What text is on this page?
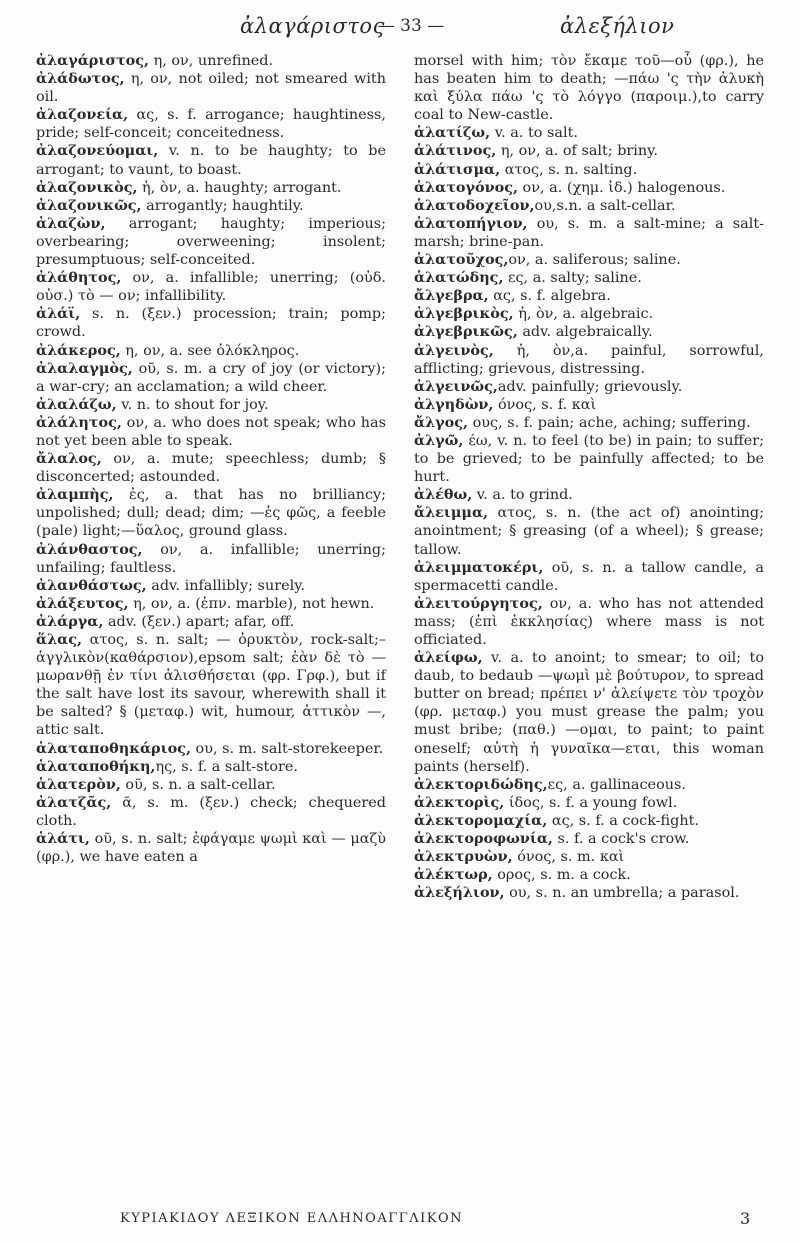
ἀλαγάριστος
— 33 —	ἀλεξήλιον

ἀλαγάριστος, η, ον, unrefined.

ἀλάδωτος, η, ον, not oiled; not smeared with oil.

ἀλαζονεία, ας, s. f. arrogance; haughtiness, pride; self-conceit; conceitedness.

ἀλαζονεύομαι, v. n. to be haughty; to be arrogant; to vaunt, to boast.

ἀλαζονικὸς, ἡ, ὸν, a. haughty; arrogant.

ἀλαζονικῶς, arrogantly; haughtily.

ἀλαζὼν, arrogant; haughty; imperious; overbearing; overweening; insolent; presumptuous; self-conceited.

ἀλάθητος, ον, a. infallible; unerring; (οὐδ. οὐσ.) τὸ — ον; infallibility.

ἀλάϊ, s. n. (ξεν.) procession; train; pomp; crowd.

ἀλάκερος, η, ον, a. see ὁλόκληρος.

ἀλαλαγμὸς, οῦ, s. m. a cry of joy (or victory); a war-cry; an acclamation; a wild cheer.

ἀλαλάζω, v. n. to shout for joy.

ἀλάλητος, ον, a. who does not speak; who has not yet been able to speak.

ἄλαλος, ον, a. mute; speechless; dumb; § disconcerted; astounded.

ἀλαμπὴς, ἐς, a. that has no brilliancy; unpolished; dull; dead; dim; —ἐς φῶς, a feeble (pale) light;—ὕαλος, ground glass.

ἀλάνθαστος, ον, a. infallible; unerring; unfailing; faultless.

ἀλανθάστως, adv. infallibly; surely.

ἀλάξευτος, η, ον, a. (ἐπν. marble), not hewn.

ἀλάργα, adv. (ξεν.) apart; afar, off.

ἅλας, ατος, s. n. salt; — ὀρυκτὸν, rock-salt;–ἀγγλικὸν(καθάρσιον),epsom salt; ἐὰν δὲ τὸ —μωρανθῇ ἐν τίνι ἁλισθήσεται (φρ. Γρφ.), but if the salt have lost its savour, wherewith shall it be salted? § (μεταφ.) wit, humour, ἀττικὸν —, attic salt.

ἁλαταποθηκάριος, ου, s. m. salt-storekeeper.

ἁλαταποθήκη,ης, s. f. a salt-store.

ἁλατερὸν, οῦ, s. n. a salt-cellar.

ἀλατζᾶς, ᾶ, s. m. (ξεν.) check; chequered cloth.

ἁλάτι, οῦ, s. n. salt; ἐφάγαμε ψωμὶ καὶ — μαζὺ (φρ.), we have eaten a

morsel with him; τὸν ἔκαμε τοῦ—οὖ (φρ.), he has beaten him to death; —πάω 'ς τὴν ἀλυκὴ καὶ ξύλα πάω 'ς τὸ λόγγο (παροιμ.),to carry coal to New-castle.

ἁλατίζω, v. a. to salt.

ἁλάτινος, η, ον, a. of salt; briny.

ἁλάτισμα, ατος, s. n. salting.

ἁλατογόνος, ον, a. (χημ. ἰδ.) halogenous.

ἁλατοδοχεῖον,ου,s.n. a salt-cellar.

ἁλατοπήγιον, ου, s. m. a salt-mine; a salt-marsh; brine-pan.

ἁλατοῦχος,ον, a. saliferous; saline.

ἁλατώδης, ες, a. salty; saline.

ἄλγεβρα, ας, s. f. algebra.

ἀλγεβρικὸς, ἡ, ὸν, a. algebraic.

ἀλγεβρικῶς, adv. algebraically.

ἀλγεινὸς, ἡ, ὸν,a. painful, sorrowful, afflicting; grievous, distressing.

ἀλγεινῶς,adv. painfully; grievously.

ἀλγηδὼν, όνος, s. f. καὶ

ἄλγος, ους, s. f. pain; ache, aching; suffering.

ἀλγῶ, έω, v. n. to feel (to be) in pain; to suffer; to be grieved; to be painfully affected; to be hurt.

ἀλέθω, v. a. to grind.

ἄλειμμα, ατος, s. n. (the act of) anointing; anointment; § greasing (of a wheel); § grease; tallow.

ἀλειμματοκέρι, οῦ, s. n. a tallow candle, a spermacetti candle.

ἀλειτούργητος, ον, a. who has not attended mass; (ἐπὶ ἐκκλησίας) where mass is not officiated.

ἀλείφω, v. a. to anoint; to smear; to oil; to daub, to bedaub —ψωμὶ μὲ βούτυρον, to spread butter on bread; πρέπει ν' ἀλείψετε τὸν τροχὸν (φρ. μεταφ.) you must grease the palm; you must bribe; (παθ.) —ομαι, to paint; to paint oneself; αὐτὴ ἡ γυναῖκα—εται, this woman paints (herself).

ἀλεκτοριδώδης,ες, a. gallinaceous.

ἀλεκτορὶς, ίδος, s. f. a young fowl.

ἀλεκτορομαχία, ας, s. f. a cock-fight.

ἀλεκτοροφωνία, s. f. a cock's crow.

ἀλεκτρυὼν, όνος, s. m. καὶ

ἀλέκτωρ, ορος, s. m. a cock.

ἀλεξήλιον, ου, s. n. an umbrella; a parasol.

ΚΥΡΙΑΚΙΔΟΥ ΛΕΞΙΚΟΝ ΕΛΛΗΝΟΑΓΓΛΙΚΟΝ	3
